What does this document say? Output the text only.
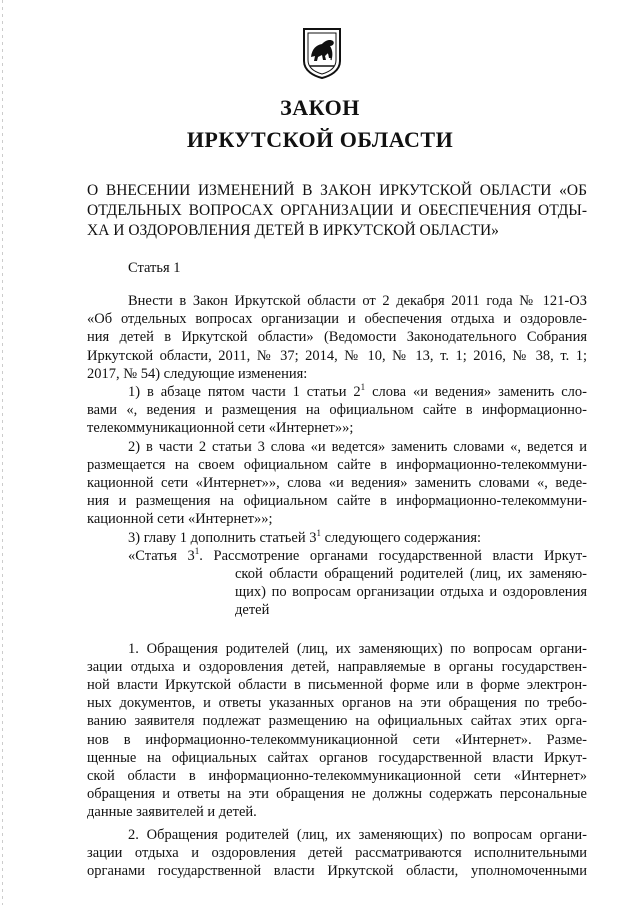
ЗАКОН
ИРКУТСКОЙ ОБЛАСТИ

О ВНЕСЕНИИ ИЗМЕНЕНИЙ В ЗАКОН ИРКУТСКОЙ ОБЛАСТИ «ОБ

ОТДЕЛЬНЫХ ВОПРОСАХ ОРГАНИЗАЦИИ И ОБЕСПЕЧЕНИЯ ОТДЫ-

ХА И ОЗДОРОВЛЕНИЯ ДЕТЕЙ В ИРКУТСКОЙ ОБЛАСТИ»

Статья 1

Внести в Закон Иркутской области от 2 декабря 2011 года № 121-ОЗ

«Об отдельных вопросах организации и обеспечения отдыха и оздоровле-

ния детей в Иркутской области» (Ведомости Законодательного Собрания

Иркутской области, 2011, № 37; 2014, № 10, № 13, т. 1; 2016, № 38, т. 1;

2017, № 54) следующие изменения:

1) в абзаце пятом части 1 статьи $2^1$ слова «и ведения» заменить сло-

вами «, ведения и размещения на официальном сайте в информационно-

телекоммуникационной сети «Интернет»»;

2) в части 2 статьи 3 слова «и ведется» заменить словами «, ведется и

размещается на своем официальном сайте в информационно-телекоммуни-

кационной сети «Интернет»», слова «и ведения» заменить словами «, веде-

ния и размещения на официальном сайте в информационно-телекоммуни-

кационной сети «Интернет»»;

3) главу 1 дополнить статьей $3^1$ следующего содержания:

«Статья $3^1$. Рассмотрение органами государственной власти Иркут-

ской области обращений родителей (лиц, их заменяю-

щих) по вопросам организации отдыха и оздоровления

детей

1. Обращения родителей (лиц, их заменяющих) по вопросам органи-

зации отдыха и оздоровления детей, направляемые в органы государствен-

ной власти Иркутской области в письменной форме или в форме электрон-

ных документов, и ответы указанных органов на эти обращения по требо-

ванию заявителя подлежат размещению на официальных сайтах этих орга-

нов в информационно-телекоммуникационной сети «Интернет». Разме-

щенные на официальных сайтах органов государственной власти Иркут-

ской области в информационно-телекоммуникационной сети «Интернет»

обращения и ответы на эти обращения не должны содержать персональные

данные заявителей и детей.

2. Обращения родителей (лиц, их заменяющих) по вопросам органи-

зации отдыха и оздоровления детей рассматриваются исполнительными

органами государственной власти Иркутской области, уполномоченными
